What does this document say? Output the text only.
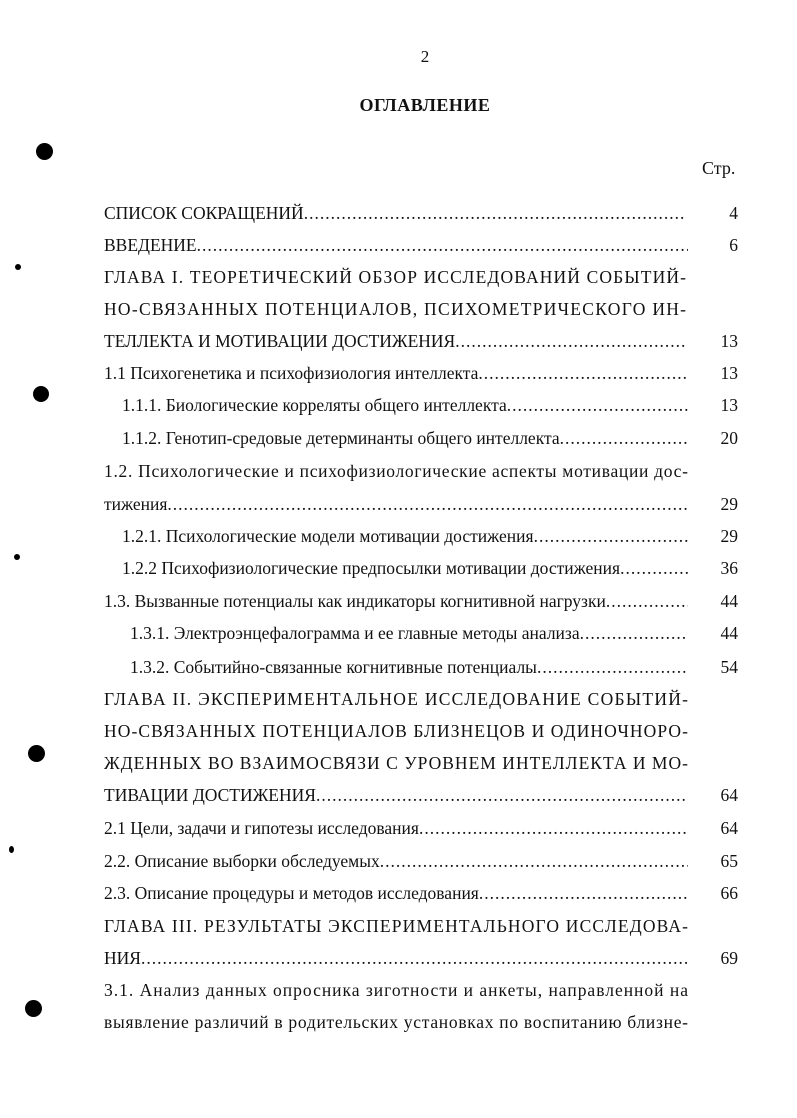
2
ОГЛАВЛЕНИЕ
Стр.
СПИСОК СОКРАЩЕНИЙ .....	4
ВВЕДЕНИЕ .....	6
ГЛАВА I. ТЕОРЕТИЧЕСКИЙ ОБЗОР ИССЛЕДОВАНИЙ СОБЫТИЙ-
НО-СВЯЗАННЫХ ПОТЕНЦИАЛОВ, ПСИХОМЕТРИЧЕСКОГО ИН-
ТЕЛЛЕКТА И МОТИВАЦИИ ДОСТИЖЕНИЯ .....	13
1.1 Психогенетика и психофизиология интеллекта .....	13
1.1.1. Биологические корреляты общего интеллекта .....	13
1.1.2. Генотип-средовые детерминанты общего интеллекта .....	20
1.2. Психологические и психофизиологические аспекты мотивации дос-
тижения .....	29
1.2.1. Психологические модели мотивации достижения .....	29
1.2.2 Психофизиологические предпосылки мотивации достижения .....	36
1.3. Вызванные потенциалы как индикаторы когнитивной нагрузки .....	44
1.3.1. Электроэнцефалограмма и ее главные методы анализа .....	44
1.3.2. Событийно-связанные когнитивные потенциалы .....	54
ГЛАВА II. ЭКСПЕРИМЕНТАЛЬНОЕ ИССЛЕДОВАНИЕ СОБЫТИЙ-
НО-СВЯЗАННЫХ ПОТЕНЦИАЛОВ БЛИЗНЕЦОВ И ОДИНОЧНОРО-
ЖДЕННЫХ ВО ВЗАИМОСВЯЗИ С УРОВНЕМ ИНТЕЛЛЕКТА И МО-
ТИВАЦИИ ДОСТИЖЕНИЯ .....	64
2.1 Цели, задачи и гипотезы исследования .....	64
2.2. Описание выборки обследуемых .....	65
2.3. Описание процедуры и методов исследования .....	66
ГЛАВА III. РЕЗУЛЬТАТЫ ЭКСПЕРИМЕНТАЛЬНОГО ИССЛЕДОВА-
НИЯ .....	69
3.1. Анализ данных опросника зиготности и анкеты, направленной на
выявление различий в родительских установках по воспитанию близне-
